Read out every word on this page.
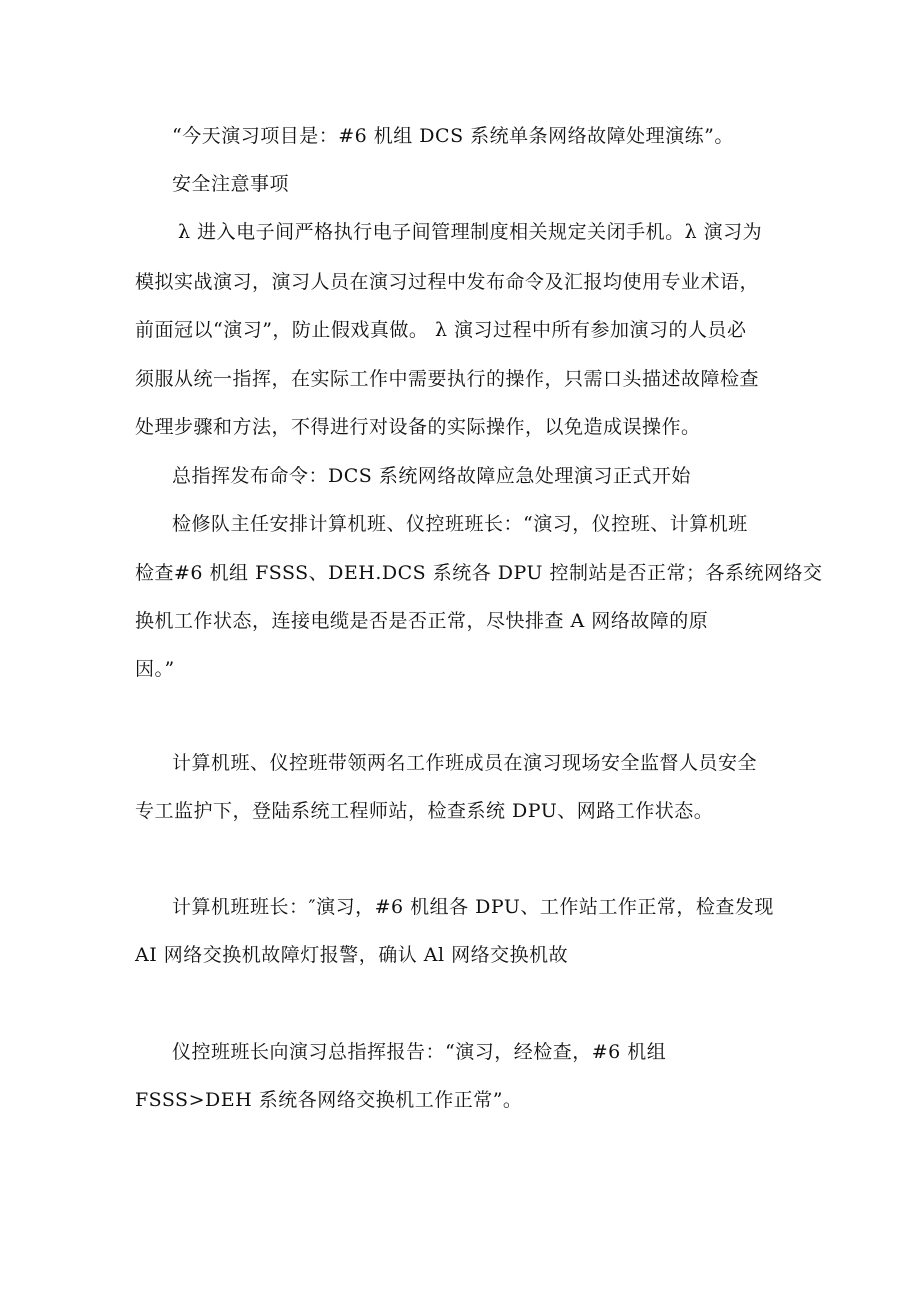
“今天演习项目是：#6 机组 DCS 系统单条网络故障处理演练”。
安全注意事项
λ 进入电子间严格执行电子间管理制度相关规定关闭手机。λ 演习为
模拟实战演习，演习人员在演习过程中发布命令及汇报均使用专业术语，
前面冠以“演习”，防止假戏真做。 λ 演习过程中所有参加演习的人员必
须服从统一指挥，在实际工作中需要执行的操作，只需口头描述故障检查
处理步骤和方法，不得进行对设备的实际操作，以免造成误操作。
总指挥发布命令：DCS 系统网络故障应急处理演习正式开始
检修队主任安排计算机班、仪控班班长：“演习，仪控班、计算机班
检查#6 机组 FSSS、DEH.DCS 系统各 DPU 控制站是否正常；各系统网络交
换机工作状态，连接电缆是否是否正常，尽快排查 A 网络故障的原
因。”
计算机班、仪控班带领两名工作班成员在演习现场安全监督人员安全
专工监护下，登陆系统工程师站，检查系统 DPU、网路工作状态。
计算机班班长：″演习，#6 机组各 DPU、工作站工作正常，检查发现
AI 网络交换机故障灯报警，确认 Al 网络交换机故
仪控班班长向演习总指挥报告：“演习，经检查，#6 机组
FSSS>DEH 系统各网络交换机工作正常”。
